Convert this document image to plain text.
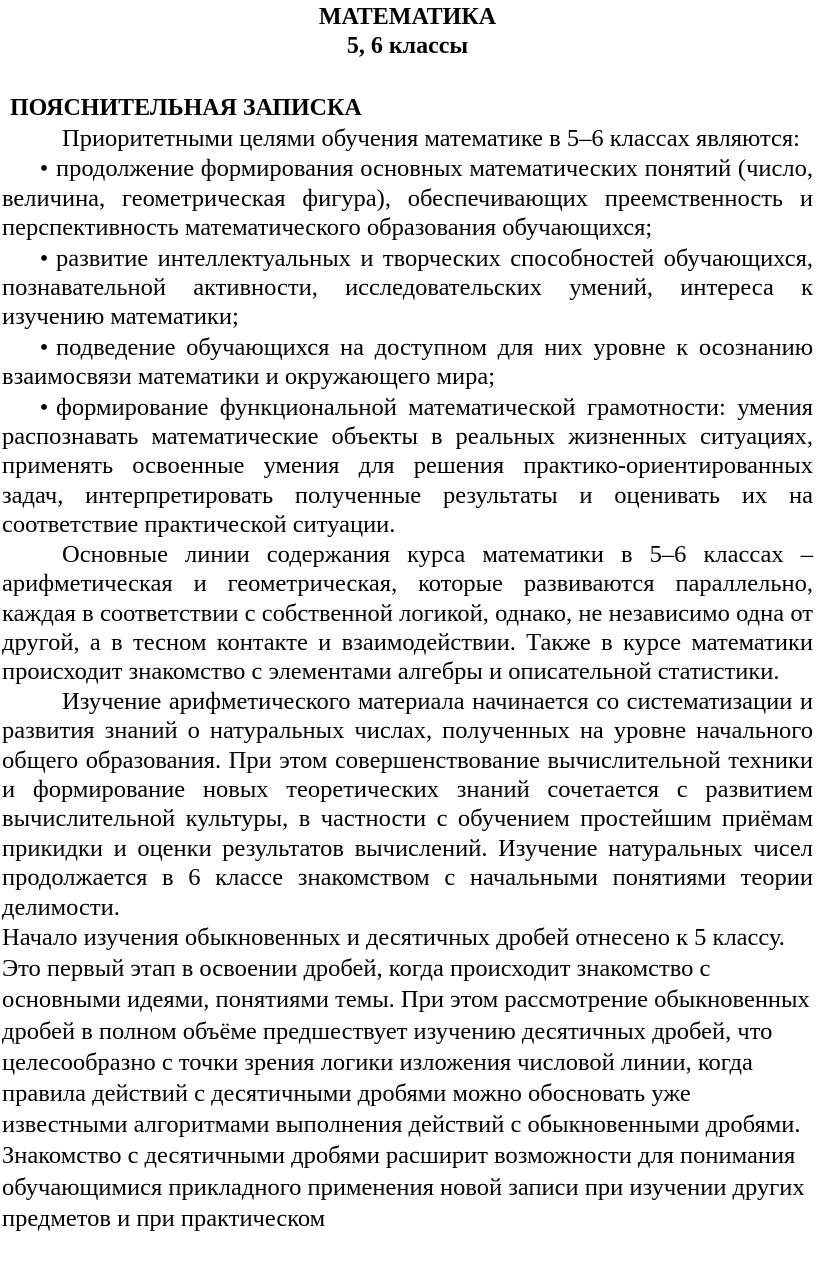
МАТЕМАТИКА

5, 6 классы

ПОЯСНИТЕЛЬНАЯ ЗАПИСКА

Приоритетными целями обучения математике в 5–6 классах являются:

• продолжение формирования основных математических понятий (число, величина, геометрическая фигура), обеспечивающих преемственность и перспективность математического образования обучающихся;

• развитие интеллектуальных и творческих способностей обучающихся, познавательной активности, исследовательских умений, интереса к изучению математики;

• подведение обучающихся на доступном для них уровне к осознанию взаимосвязи математики и окружающего мира;

• формирование функциональной математической грамотности: умения распознавать математические объекты в реальных жизненных ситуациях, применять освоенные умения для решения практико-ориентированных задач, интерпретировать полученные результаты и оценивать их на соответствие практической ситуации.

Основные линии содержания курса математики в 5–6 классах – арифметическая и геометрическая, которые развиваются параллельно, каждая в соответствии с собственной логикой, однако, не независимо одна от другой, а в тесном контакте и взаимодействии. Также в курсе математики происходит знакомство с элементами алгебры и описательной статистики.

Изучение арифметического материала начинается со систематизации и развития знаний о натуральных числах, полученных на уровне начального общего образования. При этом совершенствование вычислительной техники и формирование новых теоретических знаний сочетается с развитием вычислительной культуры, в частности с обучением простейшим приёмам прикидки и оценки результатов вычислений. Изучение натуральных чисел продолжается в 6 классе знакомством с начальными понятиями теории делимости.

Начало изучения обыкновенных и десятичных дробей отнесено к 5 классу. Это первый этап в освоении дробей, когда происходит знакомство с основными идеями, понятиями темы. При этом рассмотрение обыкновенных дробей в полном объёме предшествует изучению десятичных дробей, что целесообразно с точки зрения логики изложения числовой линии, когда правила действий с десятичными дробями можно обосновать уже известными алгоритмами выполнения действий с обыкновенными дробями. Знакомство с десятичными дробями расширит возможности для понимания обучающимися прикладного применения новой записи при изучении других предметов и при практическом
